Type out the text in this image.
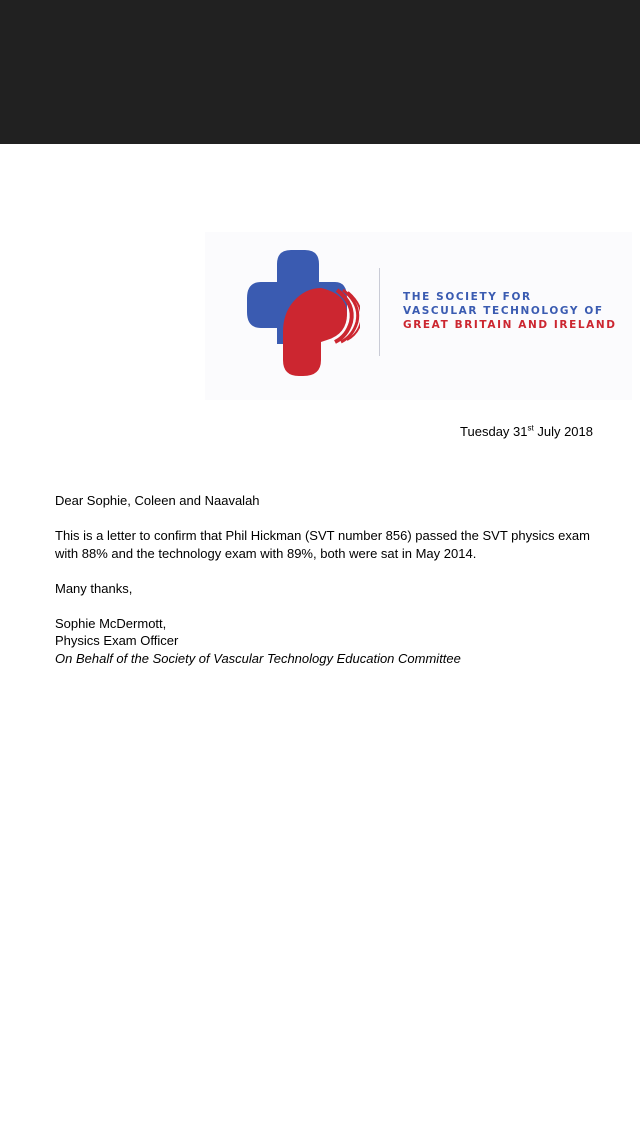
THE SOCIETY FOR
VASCULAR TECHNOLOGY OF
GREAT BRITAIN AND IRELAND
Tuesday 31st July 2018

Dear Sophie, Coleen and Naavalah

This is a letter to confirm that Phil Hickman (SVT number 856) passed the SVT physics exam with 88% and the technology exam with 89%, both were sat in May 2014.

Many thanks,

Sophie McDermott,
Physics Exam Officer
On Behalf of the Society of Vascular Technology Education Committee
